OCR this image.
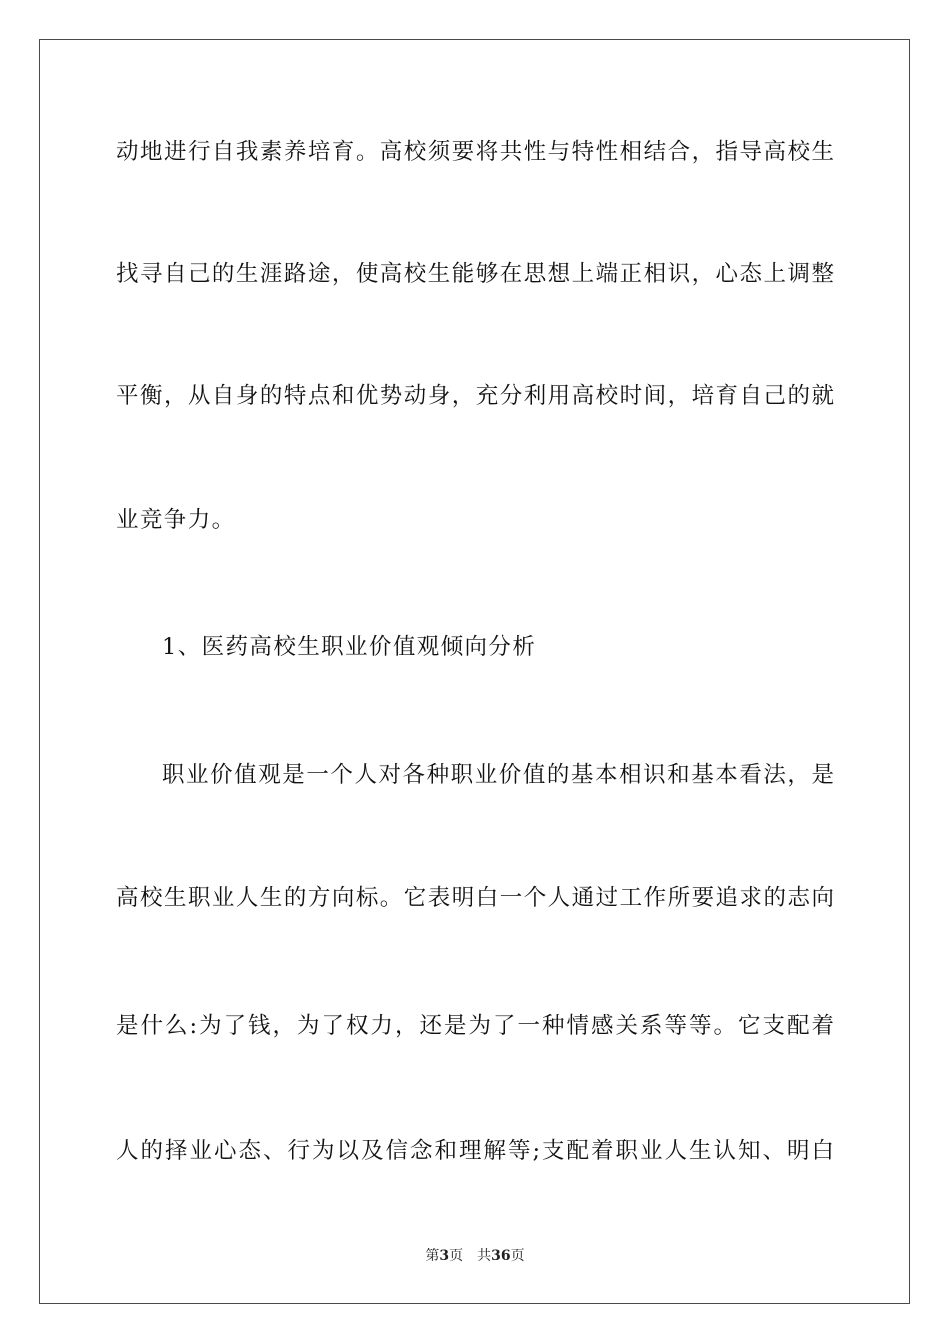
动地进行自我素养培育。高校须要将共性与特性相结合，指导高校生
找寻自己的生涯路途，使高校生能够在思想上端正相识，心态上调整
平衡，从自身的特点和优势动身，充分利用高校时间，培育自己的就
业竞争力。
1、医药高校生职业价值观倾向分析
职业价值观是一个人对各种职业价值的基本相识和基本看法，是
高校生职业人生的方向标。它表明白一个人通过工作所要追求的志向
是什么:为了钱，为了权力，还是为了一种情感关系等等。它支配着
人的择业心态、行为以及信念和理解等;支配着职业人生认知、明白
第3页 共36页
